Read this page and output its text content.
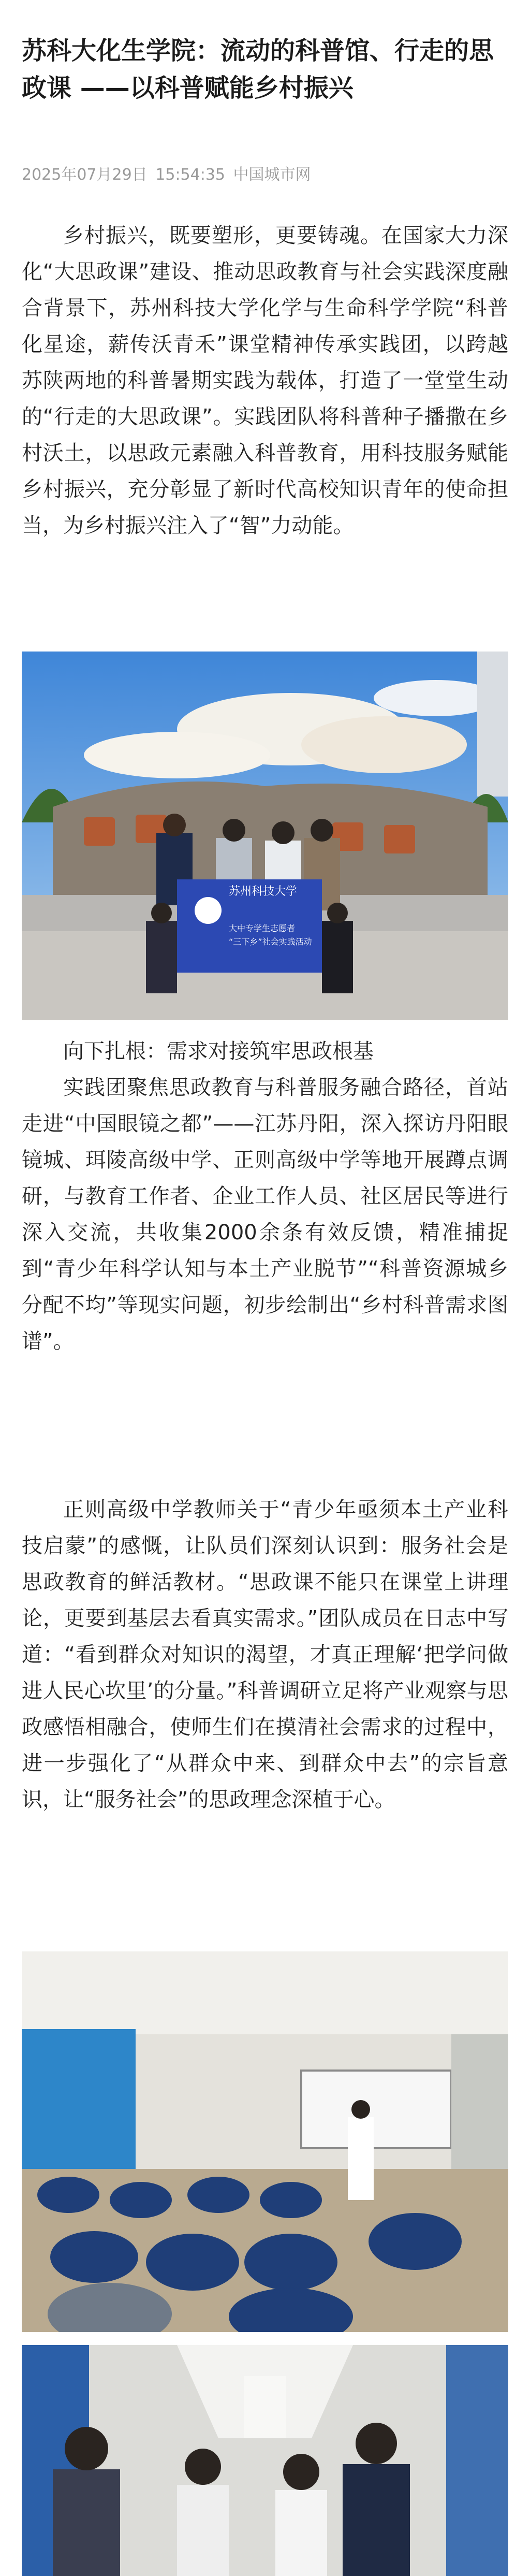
苏科大化生学院：流动的科普馆、行走的思政课 ——以科普赋能乡村振兴
2025年07月29日 15:54:35 中国城市网

乡村振兴，既要塑形，更要铸魂。在国家大力深化“大思政课”建设、推动思政教育与社会实践深度融合背景下，苏州科技大学化学与生命科学学院“科普化星途，薪传沃青禾”课堂精神传承实践团，以跨越苏陕两地的科普暑期实践为载体，打造了一堂堂生动的“行走的大思政课”。实践团队将科普种子播撒在乡村沃土，以思政元素融入科普教育，用科技服务赋能乡村振兴，充分彰显了新时代高校知识青年的使命担当，为乡村振兴注入了“智”力动能。

苏州科技大学
大中专学生志愿者
“三下乡”社会实践活动

向下扎根：需求对接筑牢思政根基

实践团聚焦思政教育与科普服务融合路径，首站走进“中国眼镜之都”——江苏丹阳，深入探访丹阳眼镜城、珥陵高级中学、正则高级中学等地开展蹲点调研，与教育工作者、企业工作人员、社区居民等进行深入交流，共收集2000余条有效反馈，精准捕捉到“青少年科学认知与本土产业脱节”“科普资源城乡分配不均”等现实问题，初步绘制出“乡村科普需求图谱”。

正则高级中学教师关于“青少年亟须本土产业科技启蒙”的感慨，让队员们深刻认识到：服务社会是思政教育的鲜活教材。“思政课不能只在课堂上讲理论，更要到基层去看真实需求。”团队成员在日志中写道：“看到群众对知识的渴望，才真正理解‘把学问做进人民心坎里’的分量。”科普调研立足将产业观察与思政感悟相融合，使师生们在摸清社会需求的过程中，进一步强化了“从群众中来、到群众中去”的宗旨意识，让“服务社会”的思政理念深植于心。
